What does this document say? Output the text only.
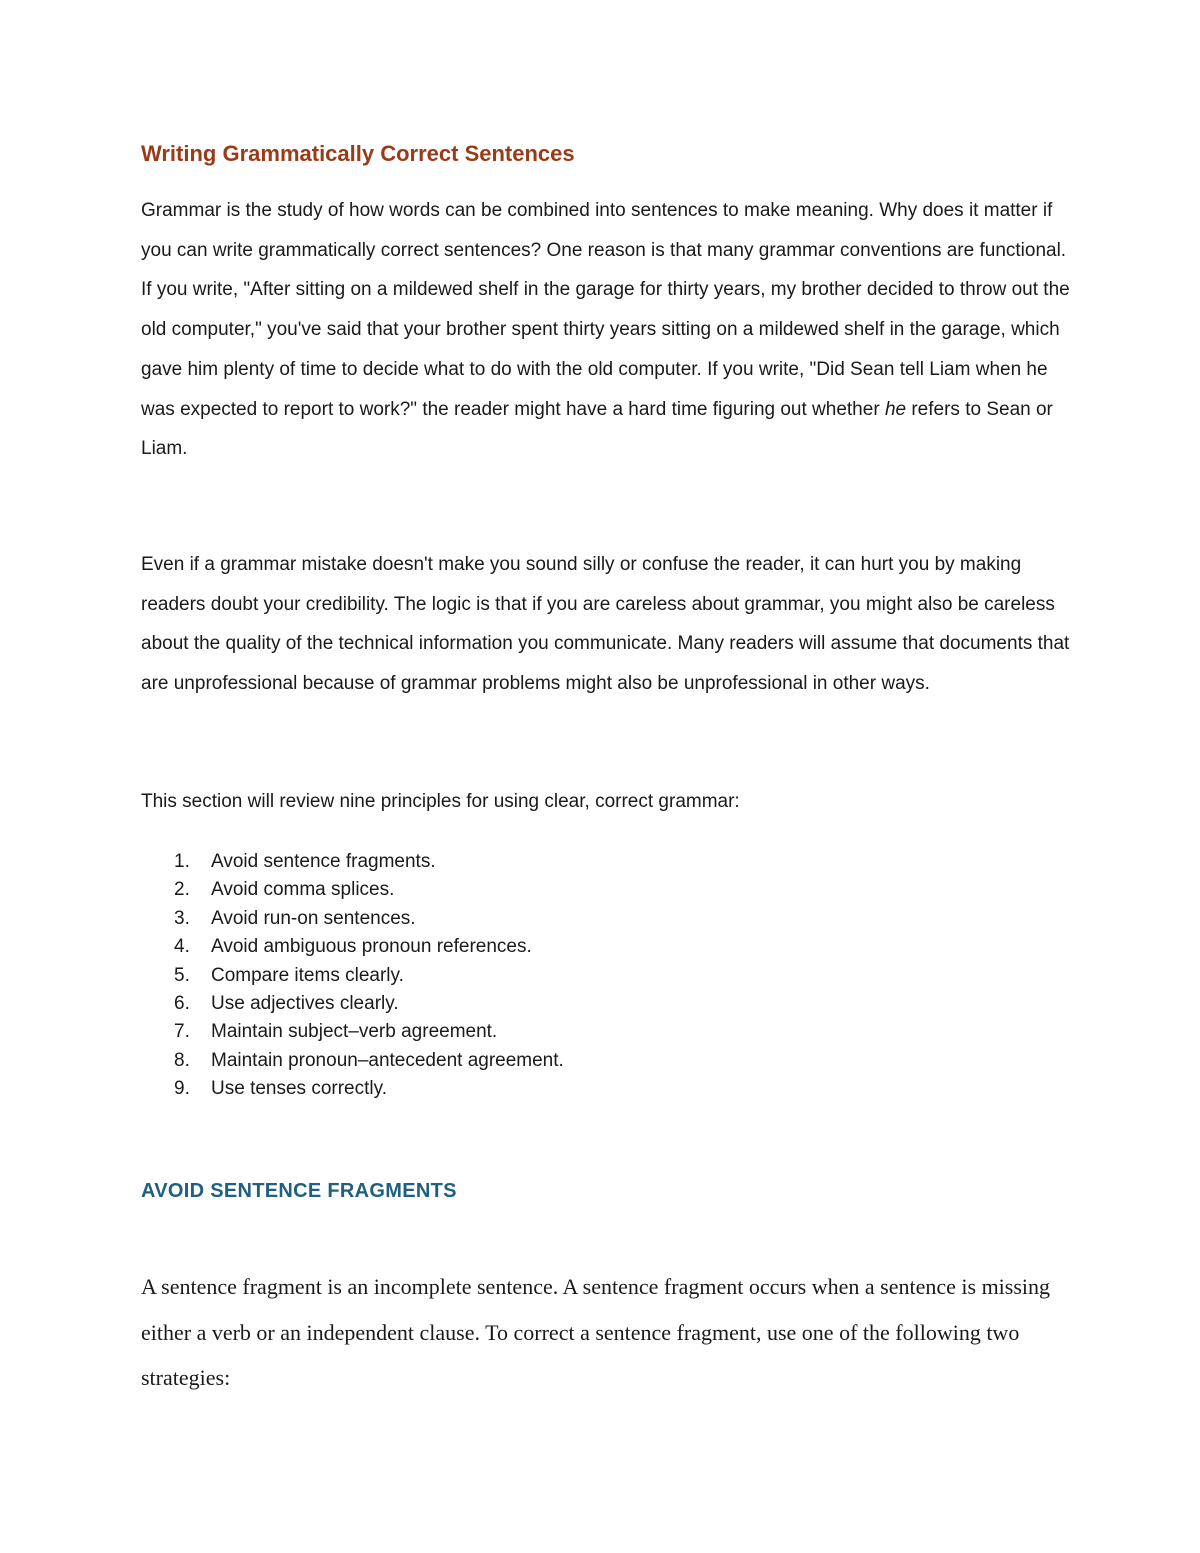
Writing Grammatically Correct Sentences

Grammar is the study of how words can be combined into sentences to make meaning. Why does it matter if you can write grammatically correct sentences? One reason is that many grammar conventions are functional. If you write, "After sitting on a mildewed shelf in the garage for thirty years, my brother decided to throw out the old computer," you've said that your brother spent thirty years sitting on a mildewed shelf in the garage, which gave him plenty of time to decide what to do with the old computer. If you write, "Did Sean tell Liam when he was expected to report to work?" the reader might have a hard time figuring out whether he refers to Sean or Liam.

Even if a grammar mistake doesn't make you sound silly or confuse the reader, it can hurt you by making readers doubt your credibility. The logic is that if you are careless about grammar, you might also be careless about the quality of the technical information you communicate. Many readers will assume that documents that are unprofessional because of grammar problems might also be unprofessional in other ways.

This section will review nine principles for using clear, correct grammar:

1.	Avoid sentence fragments.
2.	Avoid comma splices.
3.	Avoid run-on sentences.
4.	Avoid ambiguous pronoun references.
5.	Compare items clearly.
6.	Use adjectives clearly.
7.	Maintain subject–verb agreement.
8.	Maintain pronoun–antecedent agreement.
9.	Use tenses correctly.
AVOID SENTENCE FRAGMENTS

A sentence fragment is an incomplete sentence. A sentence fragment occurs when a sentence is missing either a verb or an independent clause. To correct a sentence fragment, use one of the following two strategies:
